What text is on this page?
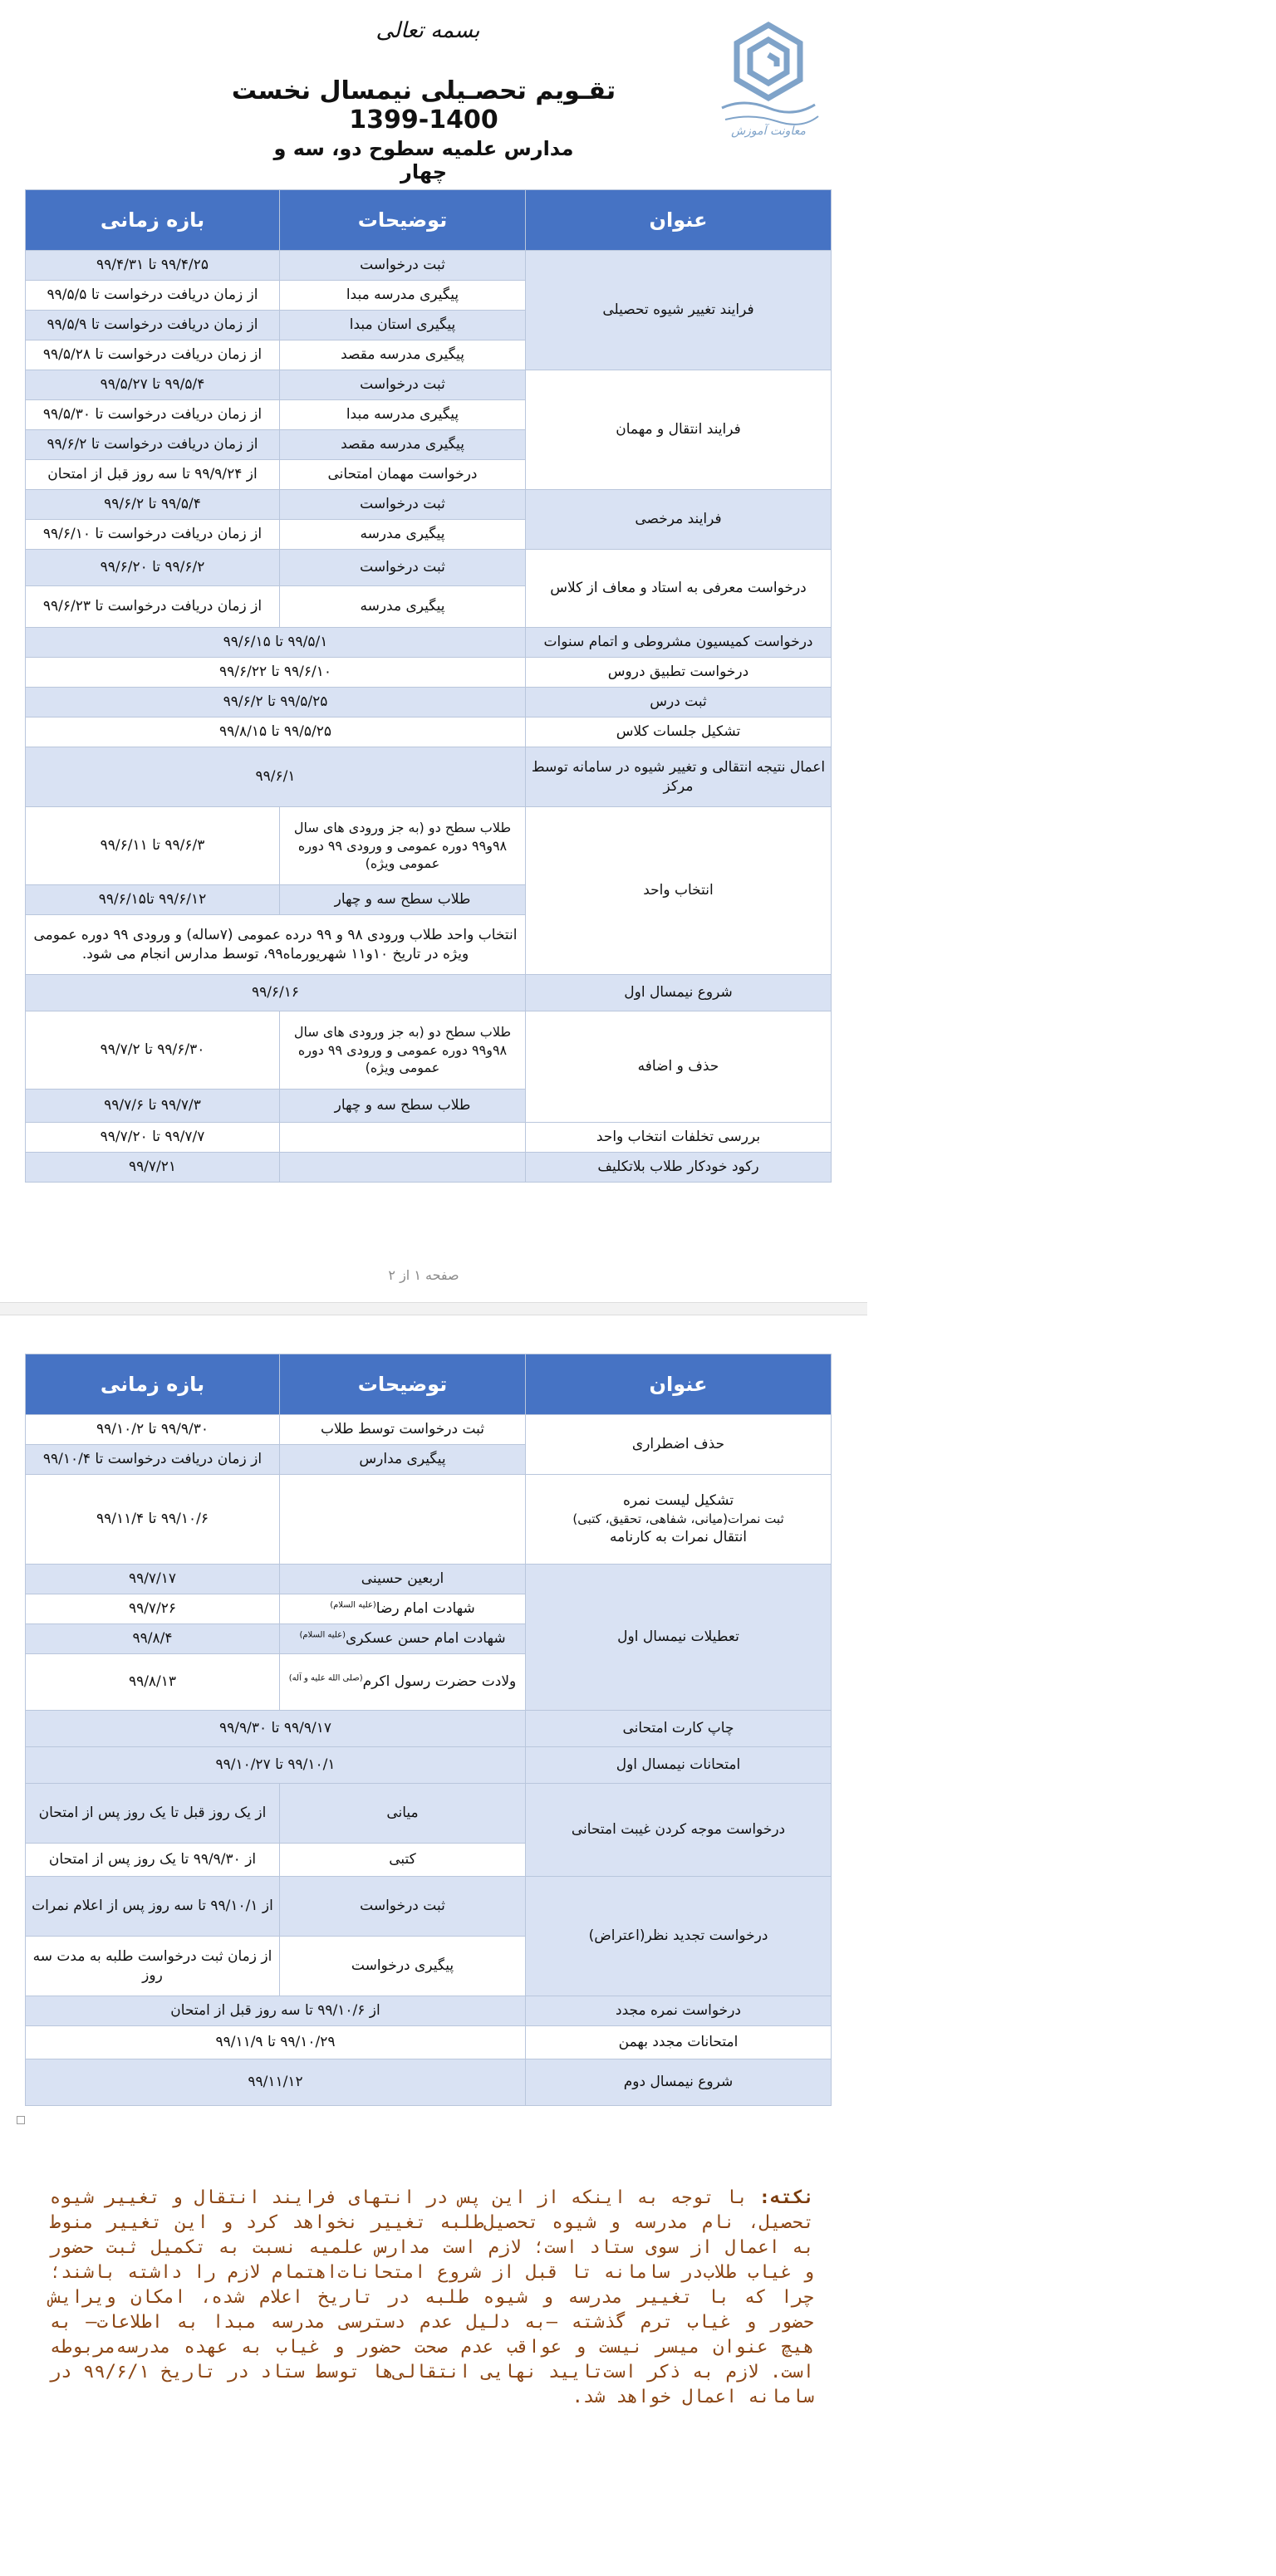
بسمه تعالی
تقـویم تحصـیلی نیمسال نخست 1400-1399
مدارس علمیه سطوح دو، سه و چهار
معاونت آموزش
عنوان	توضیحات	بازه زمانی
فرایند تغییر شیوه تحصیلی	ثبت درخواست	۹۹/۴/۲۵ تا ۹۹/۴/۳۱
	پیگیری مدرسه مبدا	از زمان دریافت درخواست تا ۹۹/۵/۵
	پیگیری استان مبدا	از زمان دریافت درخواست تا ۹۹/۵/۹
	پیگیری مدرسه مقصد	از زمان دریافت درخواست تا ۹۹/۵/۲۸
فرایند انتقال و مهمان	ثبت درخواست	۹۹/۵/۴ تا ۹۹/۵/۲۷
	پیگیری مدرسه مبدا	از زمان دریافت درخواست تا ۹۹/۵/۳۰
	پیگیری مدرسه مقصد	از زمان دریافت درخواست تا ۹۹/۶/۲
	درخواست مهمان امتحانی	از ۹۹/۹/۲۴ تا سه روز قبل از امتحان
فرایند مرخصی	ثبت درخواست	۹۹/۵/۴ تا ۹۹/۶/۲
	پیگیری مدرسه	از زمان دریافت درخواست تا ۹۹/۶/۱۰
درخواست معرفی به استاد و معاف از کلاس	ثبت درخواست	۹۹/۶/۲ تا ۹۹/۶/۲۰
	پیگیری مدرسه	از زمان دریافت درخواست تا ۹۹/۶/۲۳
درخواست کمیسیون مشروطی و اتمام سنوات	۹۹/۵/۱ تا ۹۹/۶/۱۵	
درخواست تطبیق دروس	۹۹/۶/۱۰ تا ۹۹/۶/۲۲	
ثبت درس	۹۹/۵/۲۵ تا ۹۹/۶/۲	
تشکیل جلسات کلاس	۹۹/۵/۲۵ تا ۹۹/۸/۱۵	
اعمال نتیجه انتقالی و تغییر شیوه در سامانه توسط مرکز	۹۹/۶/۱	
انتخاب واحد	طلاب سطح دو (به جز ورودی های سال ۹۸و۹۹ دوره عمومی و ورودی ۹۹ دوره عمومی ویژه)	۹۹/۶/۳ تا ۹۹/۶/۱۱
	طلاب سطح سه و چهار	۹۹/۶/۱۲ تا۹۹/۶/۱۵
	انتخاب واحد طلاب ورودی ۹۸ و ۹۹ درده عمومی (۷ساله) و ورودی ۹۹ دوره عمومی ویژه در تاریخ ۱۰و۱۱ شهریورماه۹۹، توسط مدارس انجام می شود.	
شروع نیمسال اول	۹۹/۶/۱۶	
حذف و اضافه	طلاب سطح دو (به جز ورودی های سال ۹۸و۹۹ دوره عمومی و ورودی ۹۹ دوره عمومی ویژه)	۹۹/۶/۳۰ تا ۹۹/۷/۲
	طلاب سطح سه و چهار	۹۹/۷/۳ تا ۹۹/۷/۶
بررسی تخلفات انتخاب واحد		۹۹/۷/۷ تا ۹۹/۷/۲۰
رکود خودکار طلاب بلاتکلیف		۹۹/۷/۲۱
صفحه ۱ از ۲
عنوان	توضیحات	بازه زمانی
حذف اضطراری	ثبت درخواست توسط طلاب	۹۹/۹/۳۰ تا ۹۹/۱۰/۲
	پیگیری مدارس	از زمان دریافت درخواست تا ۹۹/۱۰/۴

تشکیل لیست نمره
ثبت نمرات(میانی، شفاهی، تحقیق، کتبی)
انتقال نمرات به کارنامه		۹۹/۱۰/۶ تا ۹۹/۱۱/۴
تعطیلات نیمسال اول	اربعین حسینی	۹۹/۷/۱۷
	شهادت امام رضا$^{(علیه السلام)}$	۹۹/۷/۲۶
	شهادت امام حسن عسکری$^{(علیه السلام)}$	۹۹/۸/۴
	ولادت حضرت رسول اکرم$^{(صلی الله علیه و آله)}$	۹۹/۸/۱۳
چاپ کارت امتحانی	۹۹/۹/۱۷ تا ۹۹/۹/۳۰	
امتحانات نیمسال اول	۹۹/۱۰/۱ تا ۹۹/۱۰/۲۷	
درخواست موجه کردن غیبت امتحانی	میانی	از یک روز قبل تا یک روز پس از امتحان
	کتبی	از ۹۹/۹/۳۰ تا یک روز پس از امتحان
درخواست تجدید نظر(اعتراض)	ثبت درخواست	از ۹۹/۱۰/۱ تا سه روز پس از اعلام نمرات
	پیگیری درخواست	از زمان ثبت درخواست طلبه به مدت سه روز
درخواست نمره مجدد	از ۹۹/۱۰/۶ تا سه روز قبل از امتحان	
امتحانات مجدد بهمن	۹۹/۱۰/۲۹ تا ۹۹/۱۱/۹	
شروع نیمسال دوم	۹۹/۱۱/۱۲	
نکته: با توجه به اینکه از این پس در انتهای فرایند انتقال و تغییر شیوه تحصیل، نام مدرسه و شیوه تحصیل‌طلبه تغییر نخواهد کرد و این تغییر منوط به اعمال از سوی ستاد است؛ لازم است مدارس علمیه نسبت به تکمیل ثبت حضور و غیاب طلاب‌در سامانه تا قبل از شروع امتحانات‌اهتمام لازم را داشته باشند؛ چرا که با تغییر مدرسه و شیوه طلبه در تاریخ اعلام شده، امکان ویرایش حضور و غیاب ترم گذشته –به دلیل عدم دسترسی مدرسه مبدا به اطلاعات– به هیچ عنوان میسر نیست و عواقب عدم صحت حضور و غیاب به عهده مدرسه‌مربوطه است. لازم به ذکر است‌تایید نهایی انتقالی‌ها توسط ستاد در تاریخ ۹۹/۶/۱ در سامانه اعمال خواهد شد.
